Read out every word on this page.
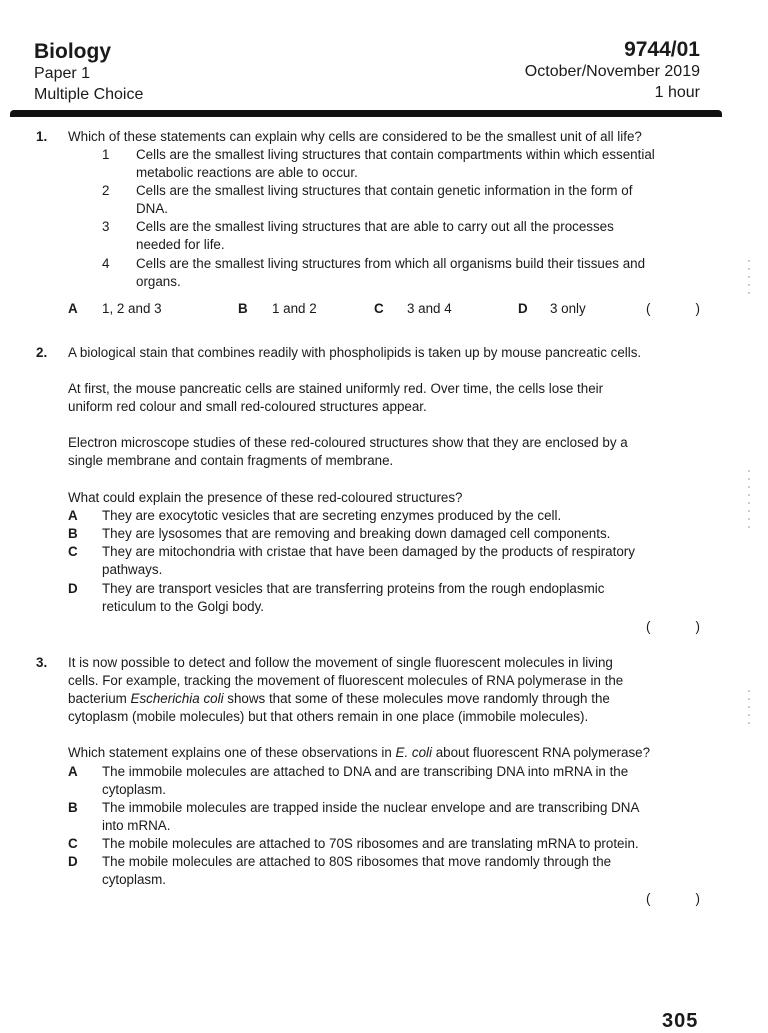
Biology
Paper 1
Multiple Choice
9744/01
October/November 2019
1 hour
1. Which of these statements can explain why cells are considered to be the smallest unit of all life?
1 Cells are the smallest living structures that contain compartments within which essential
metabolic reactions are able to occur.
2 Cells are the smallest living structures that contain genetic information in the form of
DNA.
3 Cells are the smallest living structures that are able to carry out all the processes
needed for life.
4 Cells are the smallest living structures from which all organisms build their tissues and
organs.
A 1, 2 and 3	B 1 and 2	C 3 and 4	D 3 only	(	)
2. A biological stain that combines readily with phospholipids is taken up by mouse pancreatic cells.
At first, the mouse pancreatic cells are stained uniformly red. Over time, the cells lose their
uniform red colour and small red-coloured structures appear.
Electron microscope studies of these red-coloured structures show that they are enclosed by a
single membrane and contain fragments of membrane.
What could explain the presence of these red-coloured structures?
A They are exocytotic vesicles that are secreting enzymes produced by the cell.
B They are lysosomes that are removing and breaking down damaged cell components.
C They are mitochondria with cristae that have been damaged by the products of respiratory
pathways.
D They are transport vesicles that are transferring proteins from the rough endoplasmic
reticulum to the Golgi body.
(	)
3. It is now possible to detect and follow the movement of single fluorescent molecules in living
cells. For example, tracking the movement of fluorescent molecules of RNA polymerase in the
bacterium Escherichia coli shows that some of these molecules move randomly through the
cytoplasm (mobile molecules) but that others remain in one place (immobile molecules).
Which statement explains one of these observations in E. coli about fluorescent RNA polymerase?
A The immobile molecules are attached to DNA and are transcribing DNA into mRNA in the
cytoplasm.
B The immobile molecules are trapped inside the nuclear envelope and are transcribing DNA
into mRNA.
C The mobile molecules are attached to 70S ribosomes and are translating mRNA to protein.
D The mobile molecules are attached to 80S ribosomes that move randomly through the
cytoplasm.
(	)
305
